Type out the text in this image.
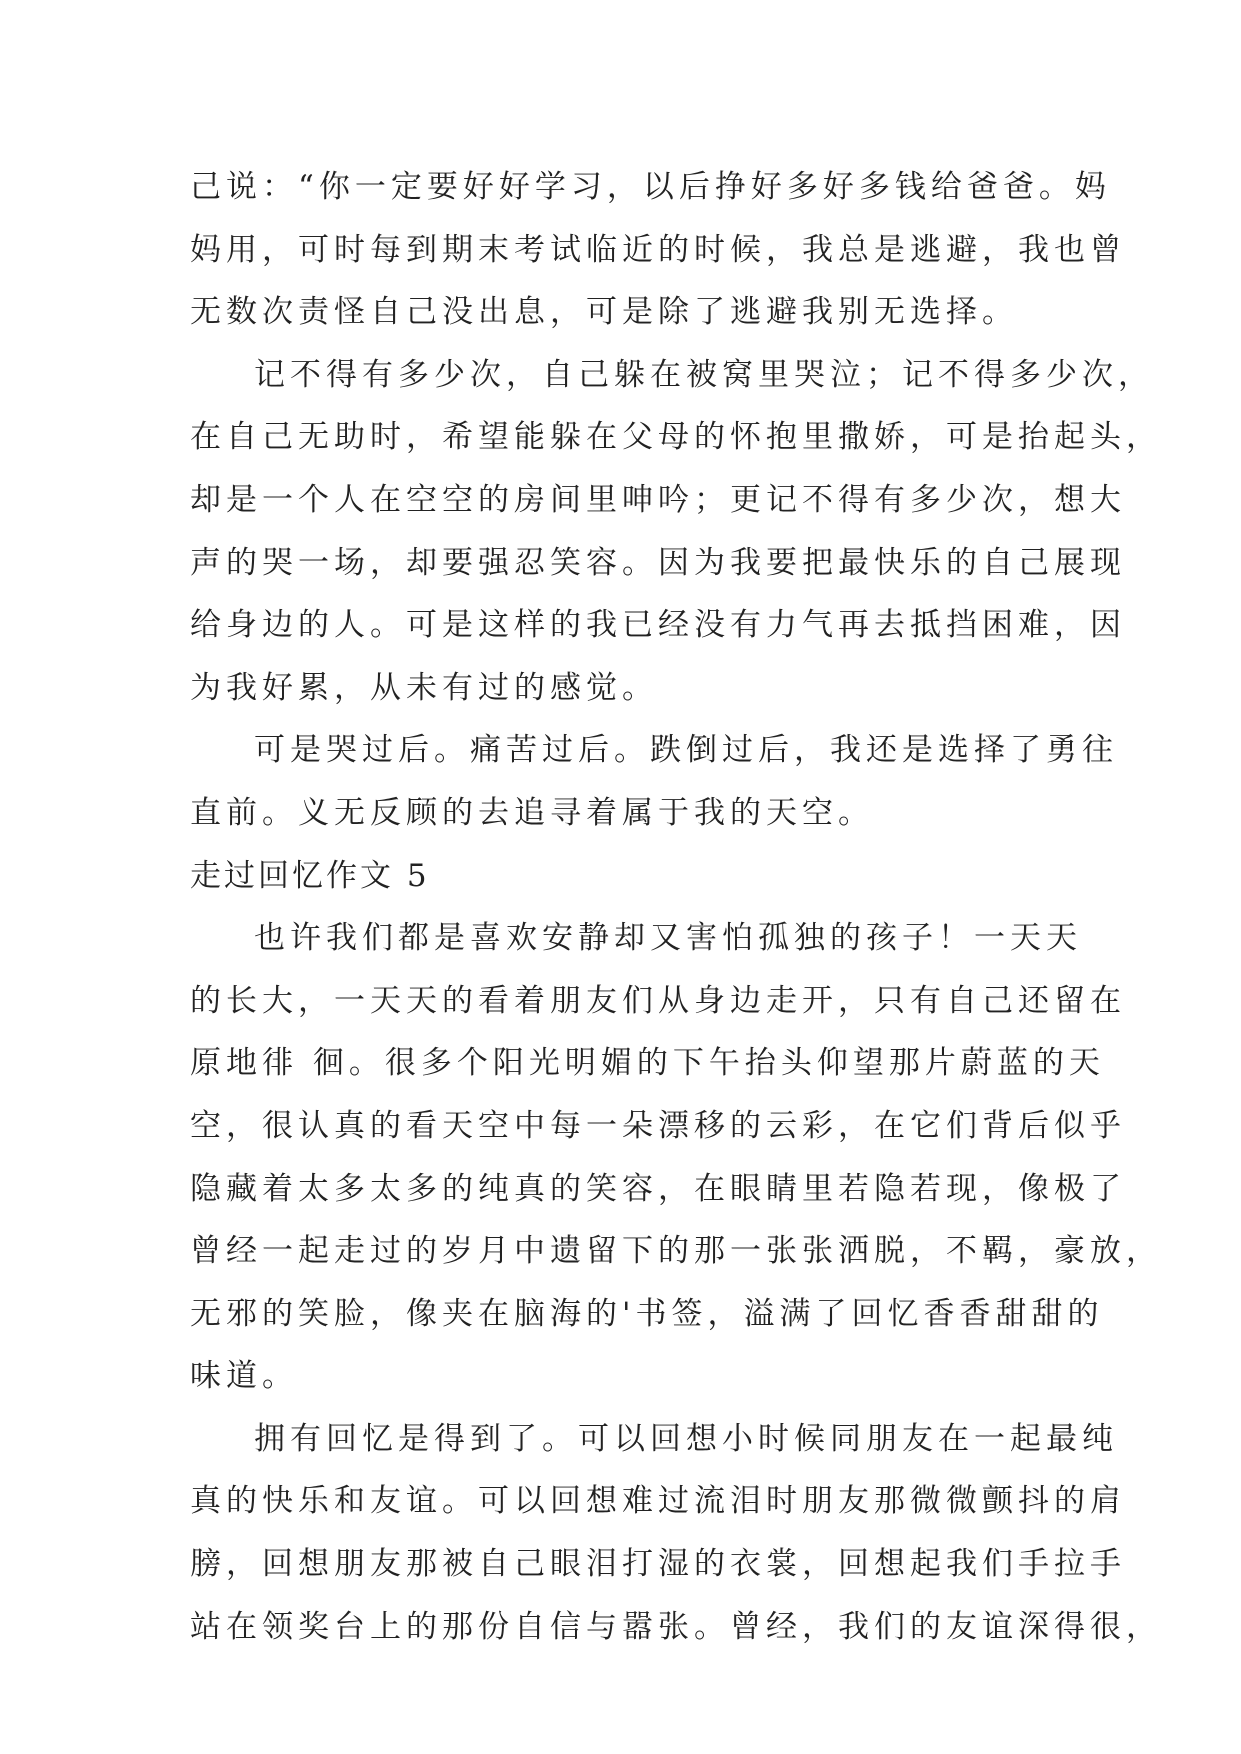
己说：“你一定要好好学习，以后挣好多好多钱给爸爸。妈
妈用，可时每到期末考试临近的时候，我总是逃避，我也曾
无数次责怪自己没出息，可是除了逃避我别无选择。
记不得有多少次，自己躲在被窝里哭泣；记不得多少次，
在自己无助时，希望能躲在父母的怀抱里撒娇，可是抬起头，
却是一个人在空空的房间里呻吟；更记不得有多少次，想大
声的哭一场，却要强忍笑容。因为我要把最快乐的自己展现
给身边的人。可是这样的我已经没有力气再去抵挡困难，因
为我好累，从未有过的感觉。
可是哭过后。痛苦过后。跌倒过后，我还是选择了勇往
直前。义无反顾的去追寻着属于我的天空。
走过回忆作文 5
也许我们都是喜欢安静却又害怕孤独的孩子！一天天
的长大，一天天的看着朋友们从身边走开，只有自己还留在
原地徘 徊。很多个阳光明媚的下午抬头仰望那片蔚蓝的天
空，很认真的看天空中每一朵漂移的云彩，在它们背后似乎
隐藏着太多太多的纯真的笑容，在眼睛里若隐若现，像极了
曾经一起走过的岁月中遗留下的那一张张洒脱，不羁，豪放，
无邪的笑脸，像夹在脑海的'书签，溢满了回忆香香甜甜的
味道。
拥有回忆是得到了。可以回想小时候同朋友在一起最纯
真的快乐和友谊。可以回想难过流泪时朋友那微微颤抖的肩
膀，回想朋友那被自己眼泪打湿的衣裳，回想起我们手拉手
站在领奖台上的那份自信与嚣张。曾经，我们的友谊深得很，
